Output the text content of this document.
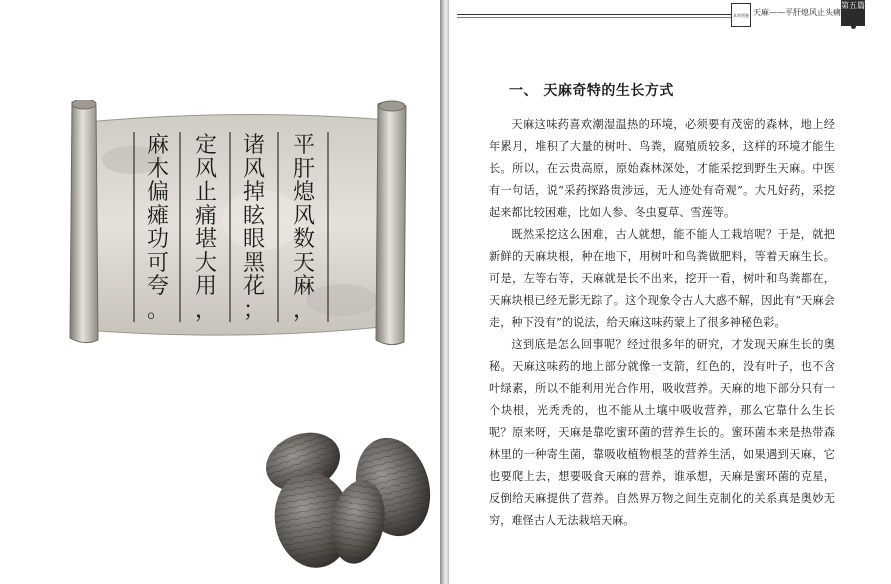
平
肝
熄
风
数
天
麻
，
诸
风
掉
眩
眼
黑
花
；
定
风
止
痛
堪
大
用
，
麻
木
偏
瘫
功
可
夸
。
本草图鉴 天麻——平肝熄风止头痛
第五篇
一、 天麻奇特的生长方式

天麻这味药喜欢潮湿温热的环境，必须要有茂密的森林，地上经年累月，堆积了大量的树叶、鸟粪，腐殖质较多，这样的环境才能生长。所以，在云贵高原，原始森林深处，才能采挖到野生天麻。中医有一句话，说“采药探路贵涉远，无人迹处有奇观”。大凡好药，采挖起来都比较困难，比如人参、冬虫夏草、雪莲等。

既然采挖这么困难，古人就想，能不能人工栽培呢？于是，就把新鲜的天麻块根，种在地下，用树叶和鸟粪做肥料，等着天麻生长。可是，左等右等，天麻就是长不出来，挖开一看，树叶和鸟粪都在，天麻块根已经无影无踪了。这个现象令古人大惑不解，因此有“天麻会走，种下没有”的说法，给天麻这味药蒙上了很多神秘色彩。

这到底是怎么回事呢？经过很多年的研究，才发现天麻生长的奥秘。天麻这味药的地上部分就像一支箭，红色的，没有叶子，也不含叶绿素，所以不能利用光合作用，吸收营养。天麻的地下部分只有一个块根，光秃秃的，也不能从土壤中吸收营养，那么它靠什么生长呢？原来呀，天麻是靠吃蜜环菌的营养生长的。蜜环菌本来是热带森林里的一种寄生菌，靠吸收植物根茎的营养生活，如果遇到天麻，它也要爬上去，想要吸食天麻的营养，谁承想，天麻是蜜环菌的克星，反倒给天麻提供了营养。自然界万物之间生克制化的关系真是奥妙无穷，难怪古人无法栽培天麻。
